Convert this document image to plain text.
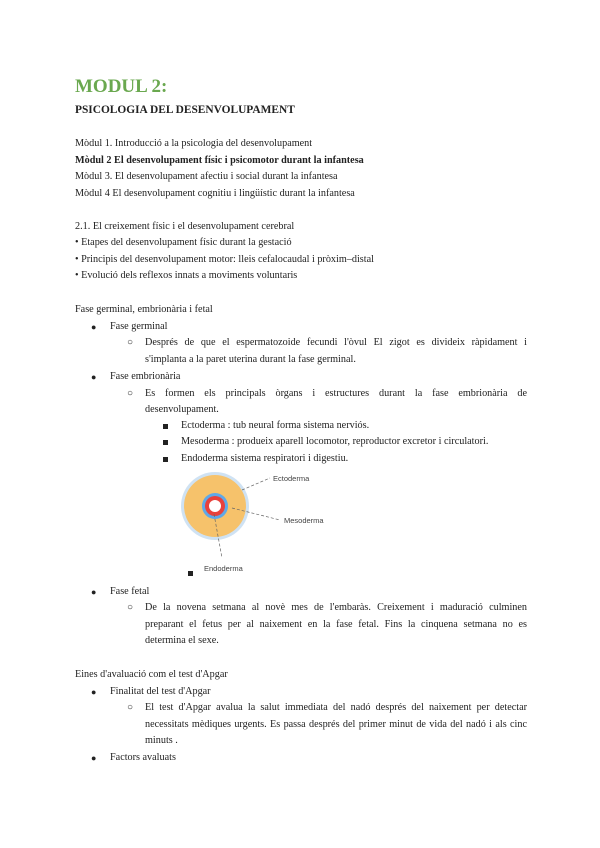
MODUL 2:
PSICOLOGIA DEL DESENVOLUPAMENT
Mòdul 1. Introducció a la psicologia del desenvolupament
Mòdul 2 El desenvolupament físic i psicomotor durant la infantesa
Mòdul 3. El desenvolupament afectiu i social durant la infantesa
Mòdul 4 El desenvolupament cognitiu i lingüístic durant la infantesa
2.1. El creixement físic i el desenvolupament cerebral
• Etapes del desenvolupament físic durant la gestació
• Principis del desenvolupament motor: lleis cefalocaudal i pròxim–distal
• Evolució dels reflexos innats a moviments voluntaris
Fase germinal, embrionària i fetal
● Fase germinal
○ Després de que el espermatozoide fecundi l'òvul El zigot es divideix ràpidament i
s'implanta a la paret uterina durant la fase germinal.
● Fase embrionària
○ Es formen els principals òrgans i estructures durant la fase embrionària de
desenvolupament.
Ectoderma : tub neural forma sistema nerviós.
Mesoderma : produeix aparell locomotor, reproductor excretor i circulatori.
Endoderma sistema respiratori i digestiu.
Ectoderma
Mesoderma
Endoderma
● Fase fetal
○ De la novena setmana al novè mes de l'embaràs. Creixement i maduració culminen
preparant el fetus per al naixement en la fase fetal. Fins la cinquena setmana no es
determina el sexe.
Eines d'avaluació com el test d'Apgar
● Finalitat del test d'Apgar
○ El test d'Apgar avalua la salut immediata del nadó després del naixement per detectar
necessitats mèdiques urgents. Es passa després del primer minut de vida del nadó i als cinc
minuts .
● Factors avaluats
